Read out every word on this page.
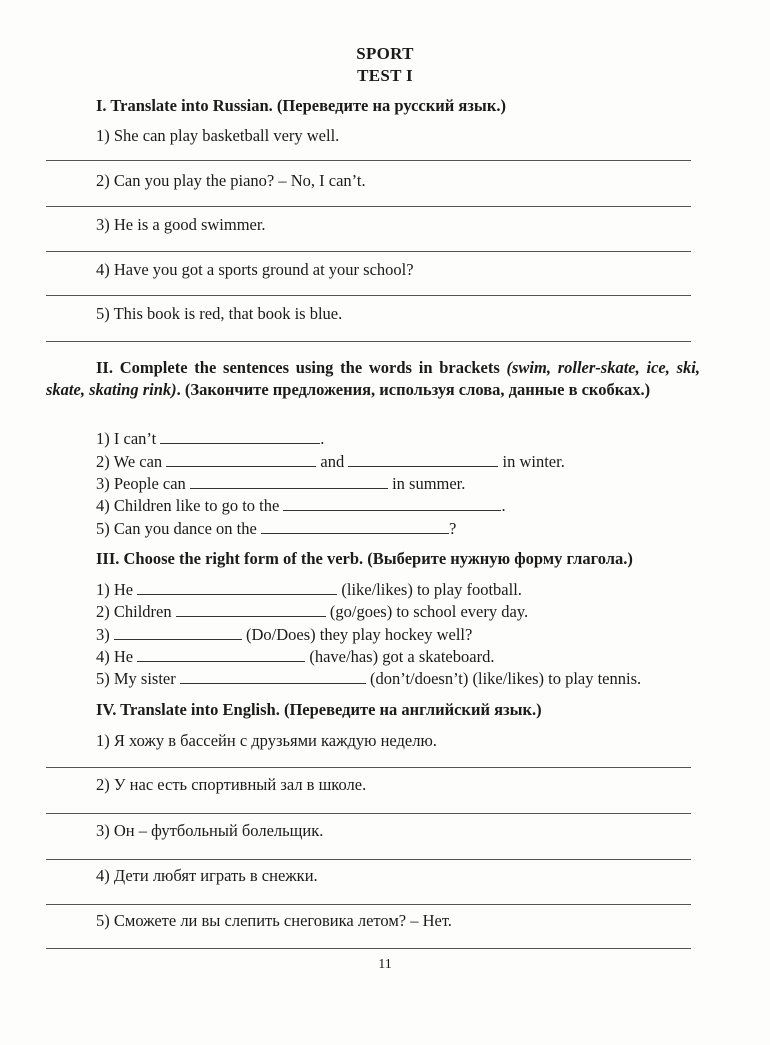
SPORT
TEST I
I. Translate into Russian. (Переведите на русский язык.)
1) She can play basketball very well.
2) Can you play the piano? – No, I can’t.
3) He is a good swimmer.
4) Have you got a sports ground at your school?
5) This book is red, that book is blue.
II. Complete the sentences using the words in brackets (swim, roller-skate, ice, ski, skate, skating rink). (Закончите предложения, используя слова, данные в скобках.)
1) I can’t	.
2) We can	and	in winter.
3) People can	in summer.
4) Children like to go to the	.
5) Can you dance on the	?
III. Choose the right form of the verb. (Выберите нужную форму глагола.)
1) He	(like/likes) to play football.
2) Children	(go/goes) to school every day.
3)	(Do/Does) they play hockey well?
4) He	(have/has) got a skateboard.
5) My sister	(don’t/doesn’t) (like/likes) to play tennis.
IV. Translate into English. (Переведите на английский язык.)
1) Я хожу в бассейн с друзьями каждую неделю.
2) У нас есть спортивный зал в школе.
3) Он – футбольный болельщик.
4) Дети любят играть в снежки.
5) Сможете ли вы слепить снеговика летом? – Нет.
11
